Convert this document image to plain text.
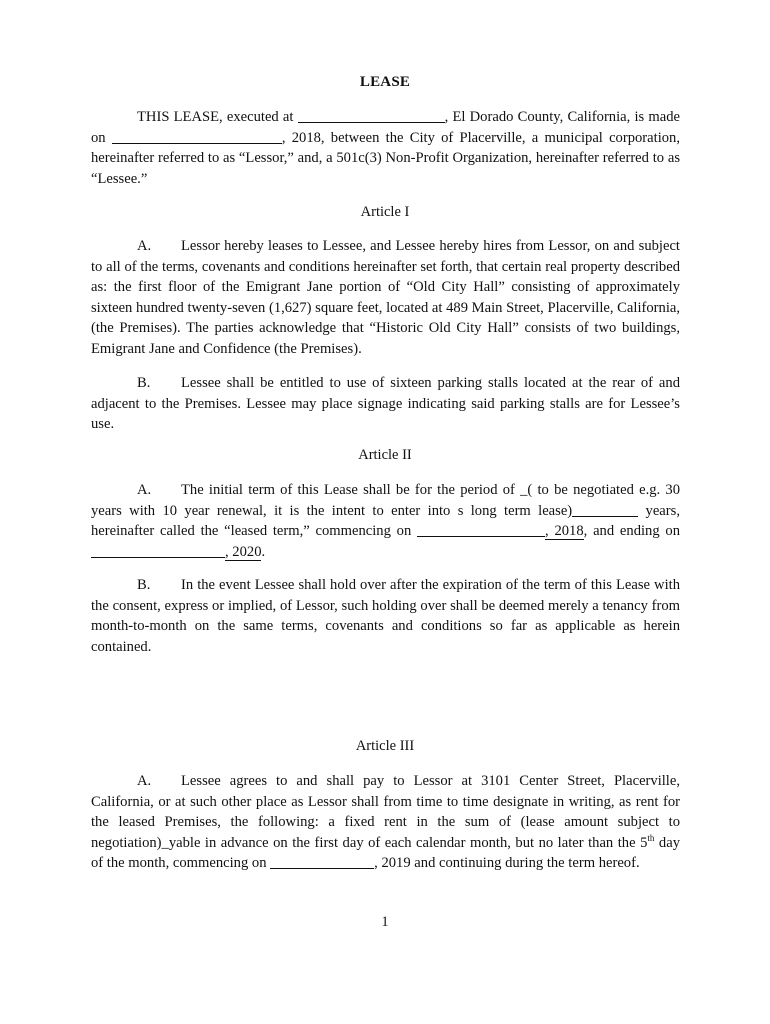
LEASE
THIS LEASE, executed at	, El Dorado County, California, is made on	, 2018, between the City of Placerville, a municipal corporation, hereinafter referred to as “Lessor,” and, a 501c(3) Non-Profit Organization, hereinafter referred to as “Lessee.”
Article I
A. Lessor hereby leases to Lessee, and Lessee hereby hires from Lessor, on and subject to all of the terms, covenants and conditions hereinafter set forth, that certain real property described as: the first floor of the Emigrant Jane portion of “Old City Hall” consisting of approximately sixteen hundred twenty-seven (1,627) square feet, located at 489 Main Street, Placerville, California, (the Premises). The parties acknowledge that “Historic Old City Hall” consists of two buildings, Emigrant Jane and Confidence (the Premises).
B. Lessee shall be entitled to use of sixteen parking stalls located at the rear of and adjacent to the Premises. Lessee may place signage indicating said parking stalls are for Lessee’s use.
Article II
A. The initial term of this Lease shall be for the period of _( to be negotiated e.g. 30 years with 10 year renewal, it is the intent to enter into s long term lease)	years, hereinafter called the “leased term,” commencing on	, 2018, and ending on , 2020.
B. In the event Lessee shall hold over after the expiration of the term of this Lease with the consent, express or implied, of Lessor, such holding over shall be deemed merely a tenancy from month-to-month on the same terms, covenants and conditions so far as applicable as herein contained.
Article III
A. Lessee agrees to and shall pay to Lessor at 3101 Center Street, Placerville, California, or at such other place as Lessor shall from time to time designate in writing, as rent for the leased Premises, the following: a fixed rent in the sum of (lease amount subject to negotiation)_yable in advance on the first day of each calendar month, but no later than the 5th day of the month, commencing on	, 2019 and continuing during the term hereof.
1
